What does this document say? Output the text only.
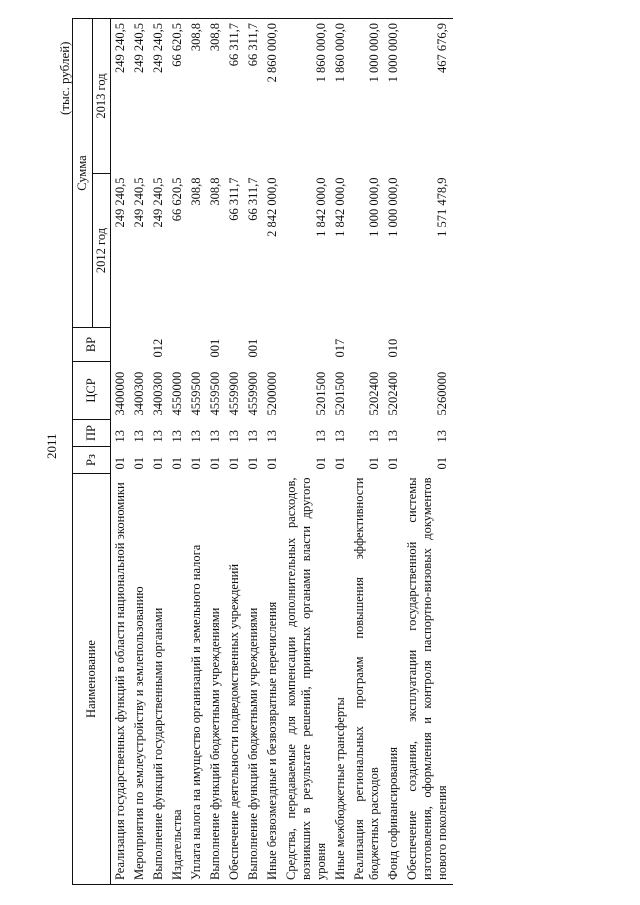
2011
(тыс. рублей)
Наименование	Рз	ПР	ЦСР	ВР	Сумма	
					2012 год	2013 год
Реализация государственных функций в области национальной экономики	01	13	3400000		249 240,5	249 240,5
Мероприятия по землеустройству и землепользованию	01	13	3400300		249 240,5	249 240,5
Выполнение функций государственными органами	01	13	3400300	012	249 240,5	249 240,5
Издательства	01	13	4550000		66 620,5	66 620,5
Уплата налога на имущество организаций и земельного налога	01	13	4559500		308,8	308,8
Выполнение функций бюджетными учреждениями	01	13	4559500	001	308,8	308,8
Обеспечение деятельности подведомственных учреждений	01	13	4559900		66 311,7	66 311,7
Выполнение функций бюджетными учреждениями	01	13	4559900	001	66 311,7	66 311,7
Иные безвозмездные и безвозвратные перечисления	01	13	5200000		2 842 000,0	2 860 000,0
Средства, передаваемые для компенсации дополнительных расходов, возникших в результате решений, принятых органами власти другого уровня	01	13	5201500		1 842 000,0	1 860 000,0
Иные межбюджетные трансферты	01	13	5201500	017	1 842 000,0	1 860 000,0
Реализация региональных программ повышения эффективности бюджетных расходов	01	13	5202400		1 000 000,0	1 000 000,0
Фонд софинансирования	01	13	5202400	010	1 000 000,0	1 000 000,0
Обеспечение создания, эксплуатации государственной системы изготовления, оформления и контроля паспортно-визовых документов нового поколения	01	13	5260000		1 571 478,9	467 676,9
